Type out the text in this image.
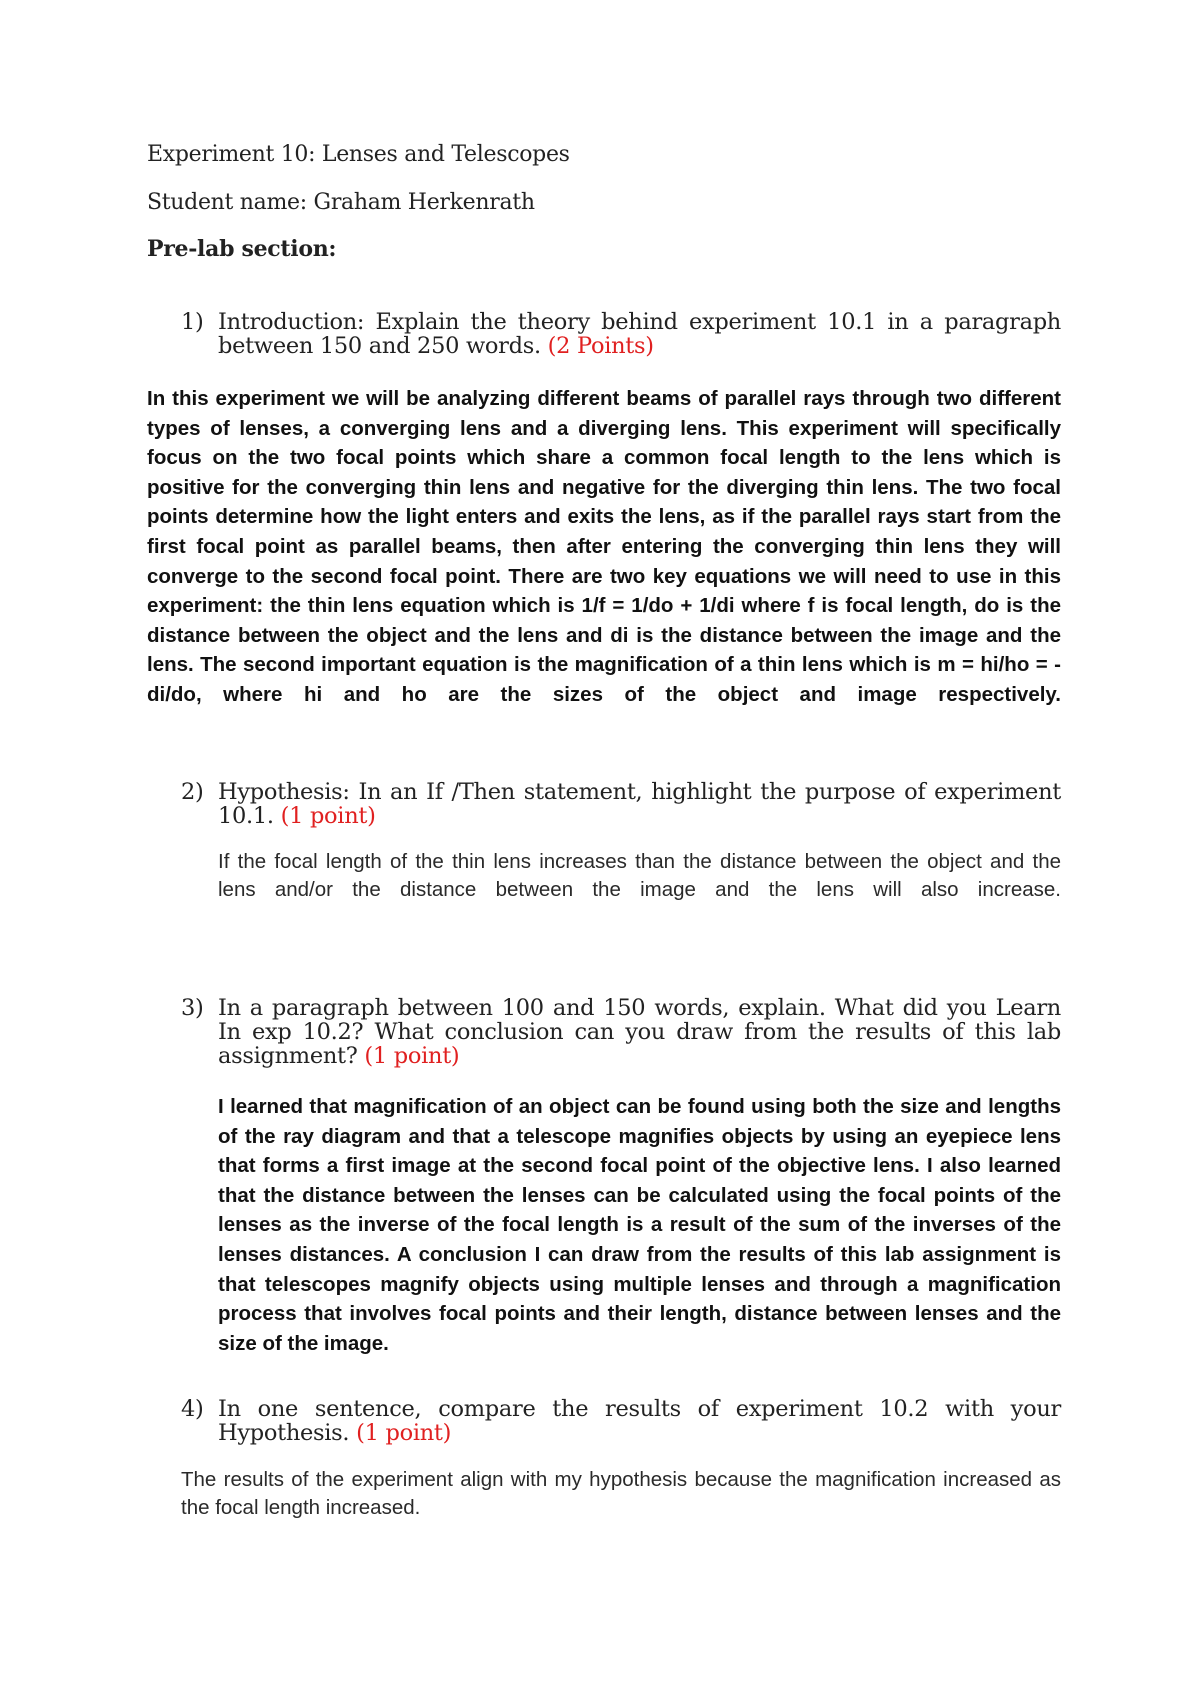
Experiment 10: Lenses and Telescopes
Student name: Graham Herkenrath
Pre-lab section:
1) Introduction: Explain the theory behind experiment 10.1 in a paragraph between 150 and 250 words. (2 Points)
In this experiment we will be analyzing different beams of parallel rays through two different types of lenses, a converging lens and a diverging lens. This experiment will specifically focus on the two focal points which share a common focal length to the lens which is positive for the converging thin lens and negative for the diverging thin lens. The two focal points determine how the light enters and exits the lens, as if the parallel rays start from the first focal point as parallel beams, then after entering the converging thin lens they will converge to the second focal point. There are two key equations we will need to use in this experiment: the thin lens equation which is 1/f = 1/do + 1/di where f is focal length, do is the distance between the object and the lens and di is the distance between the image and the lens. The second important equation is the magnification of a thin lens which is m = hi/ho = -di/do, where hi and ho are the sizes of the object and image respectively.
2) Hypothesis: In an If /Then statement, highlight the purpose of experiment 10.1. (1 point)
If the focal length of the thin lens increases than the distance between the object and the lens and/or the distance between the image and the lens will also increase.
3) In a paragraph between 100 and 150 words, explain. What did you Learn In exp 10.2? What conclusion can you draw from the results of this lab assignment? (1 point)
I learned that magnification of an object can be found using both the size and lengths of the ray diagram and that a telescope magnifies objects by using an eyepiece lens that forms a first image at the second focal point of the objective lens. I also learned that the distance between the lenses can be calculated using the focal points of the lenses as the inverse of the focal length is a result of the sum of the inverses of the lenses distances. A conclusion I can draw from the results of this lab assignment is that telescopes magnify objects using multiple lenses and through a magnification process that involves focal points and their length, distance between lenses and the size of the image.
4) In one sentence, compare the results of experiment 10.2 with your Hypothesis. (1 point)
The results of the experiment align with my hypothesis because the magnification increased as the focal length increased.
